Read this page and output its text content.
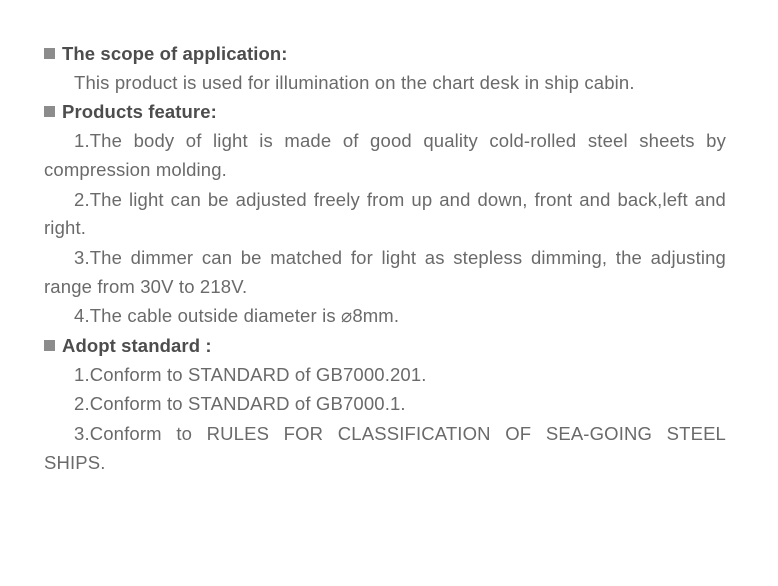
The scope of application:

This product is used for illumination on the chart desk in ship cabin.

Products feature:

1.The body of light is made of good quality cold-rolled steel sheets by compression molding.

2.The light can be adjusted freely from up and down, front and back,left and right.

3.The dimmer can be matched for light as stepless dimming, the adjusting range from 30V to 218V.

4.The cable outside diameter is ⌀8mm.

Adopt standard :

1.Conform to STANDARD of GB7000.201.

2.Conform to STANDARD of GB7000.1.

3.Conform to RULES FOR CLASSIFICATION OF SEA-GOING STEEL SHIPS.
